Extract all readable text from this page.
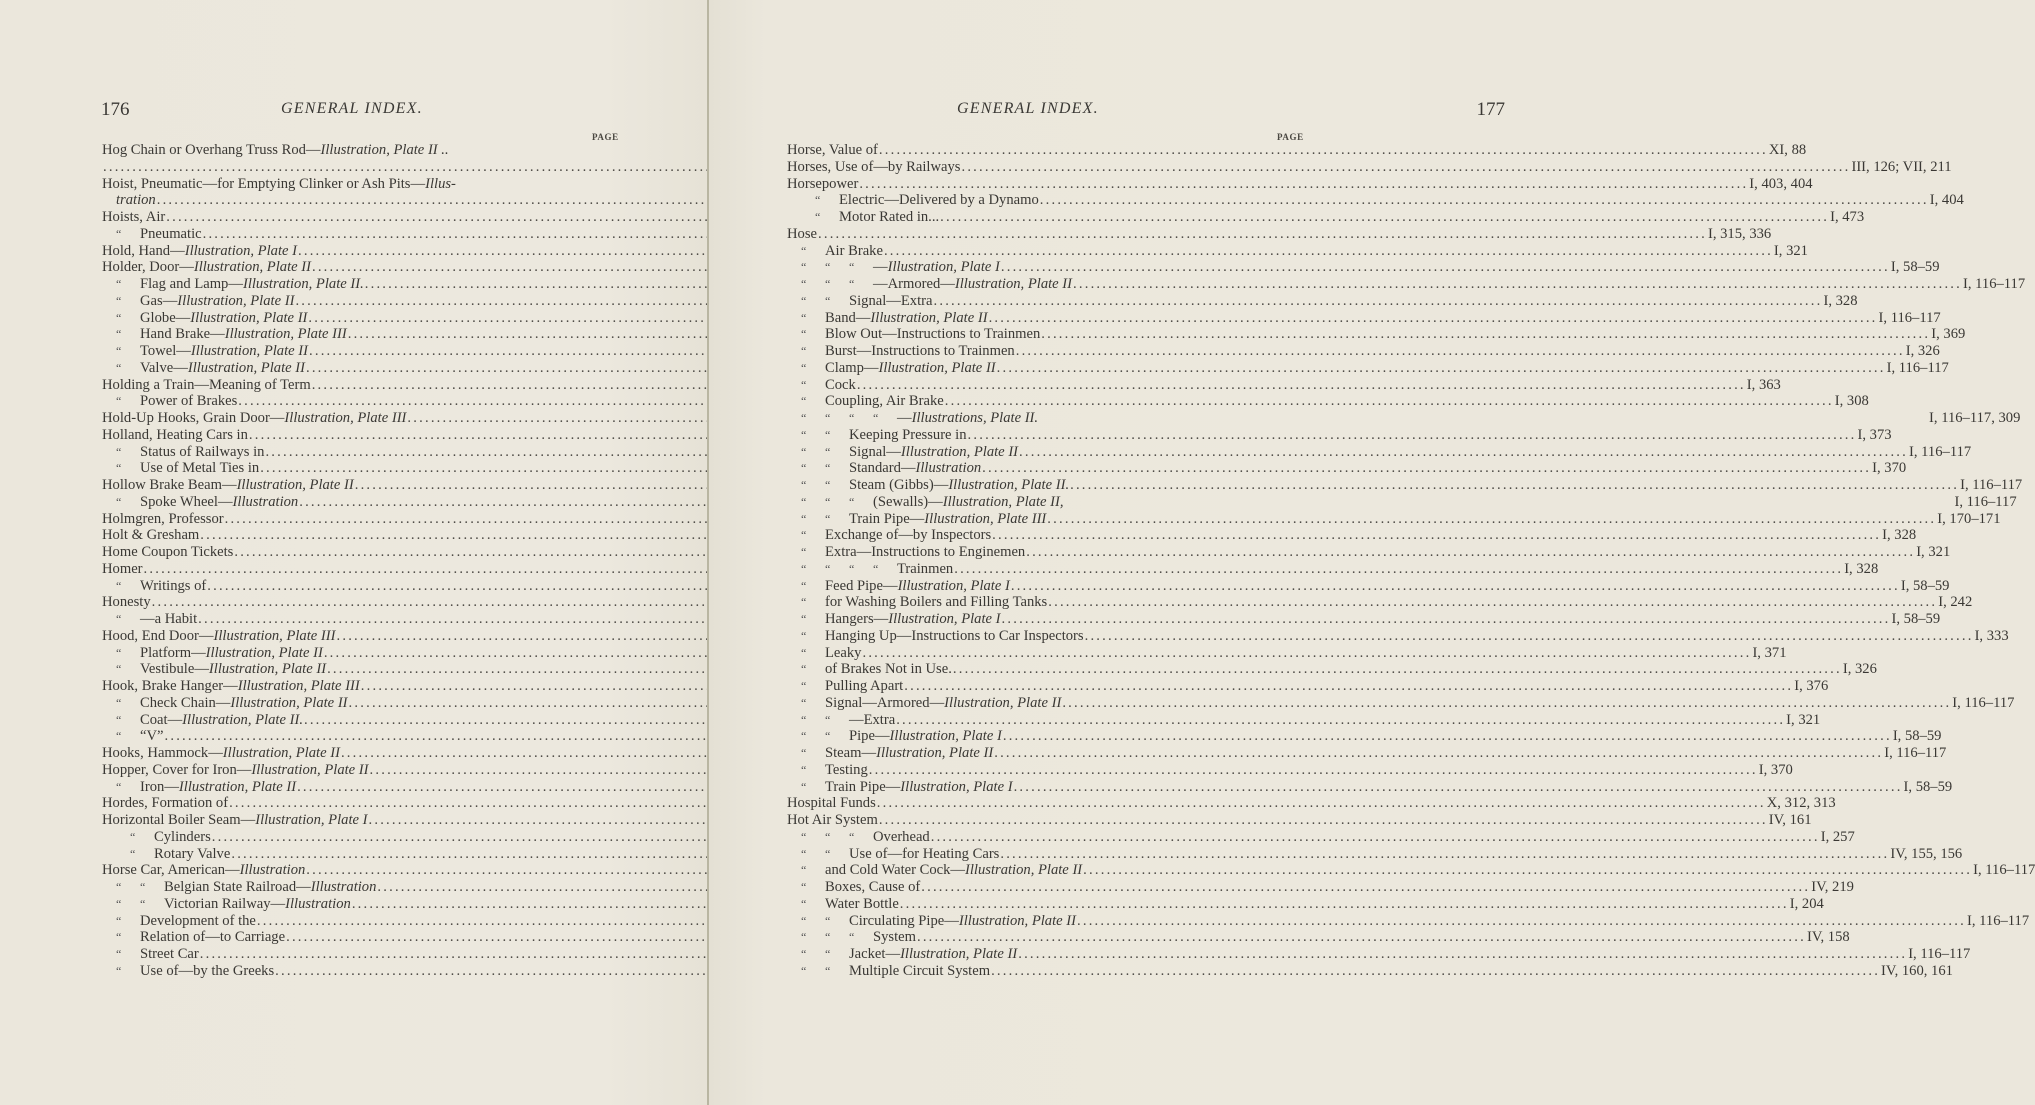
176	GENERAL INDEX.
Hog Chain or Overhang Truss Rod—Illustration, Plate II ..
.....
Hoist, Pneumatic—for Emptying Clinker or Ash Pits—Illus-
tration
.....
Hoists, Air
.....
“ Pneumatic
.....
Hold, Hand—Illustration, Plate I
.....
Holder, Door—Illustration, Plate II
.....
“ Flag and Lamp—Illustration, Plate II.
.....
“ Gas—Illustration, Plate II
.....
“ Globe—Illustration, Plate II
.....
“ Hand Brake—Illustration, Plate III
.....
“ Towel—Illustration, Plate II
.....
“ Valve—Illustration, Plate II
.....
Holding a Train—Meaning of Term
.....
“ Power of Brakes
.....
Hold-Up Hooks, Grain Door—Illustration, Plate III
.....
Holland, Heating Cars in
.....
“ Status of Railways in
.....
“ Use of Metal Ties in
.....
Hollow Brake Beam—Illustration, Plate II
.....
“ Spoke Wheel—Illustration
.....
Holmgren, Professor
.....
Holt & Gresham
.....
Home Coupon Tickets
.....
Homer
.....
“ Writings of
.....
Honesty
.....
“ —a Habit
.....
Hood, End Door—Illustration, Plate III
.....
“ Platform—Illustration, Plate II
.....
“ Vestibule—Illustration, Plate II
.....
Hook, Brake Hanger—Illustration, Plate III
.....
“ Check Chain—Illustration, Plate II
.....
“ Coat—Illustration, Plate II.
.....
“ “V”
.....
Hooks, Hammock—Illustration, Plate II
.....
Hopper, Cover for Iron—Illustration, Plate II
.....
“ Iron—Illustration, Plate II
.....
Hordes, Formation of
.....
Horizontal Boiler Seam—Illustration, Plate I
.....
“ Cylinders
.....
“ Rotary Valve
.....
Horse Car, American—Illustration
.....
“ “ Belgian State Railroad—Illustration
.....
“ “ Victorian Railway—Illustration
.....
“ Development of the
.....
“ Relation of—to Carriage
.....
“ Street Car
.....
“ Use of—by the Greeks
.....
PAGE
GENERAL INDEX.	177
Horse, Value of .....	XI, 88
Horses, Use of—by Railways .....	III, 126; VII, 211
Horsepower .....	I, 403, 404
“ Electric—Delivered by a Dynamo .....	I, 404
“ Motor Rated in... .....	I, 473
Hose .....	I, 315, 336
“ Air Brake .....	I, 321
“ “ “ —Illustration, Plate I .....	I, 58–59
“ “ “ —Armored—Illustration, Plate II .....	I, 116–117
“ “ Signal—Extra .....	I, 328
“ Band—Illustration, Plate II .....	I, 116–117
“ Blow Out—Instructions to Trainmen .....	I, 369
“ Burst—Instructions to Trainmen .....	I, 326
“ Clamp—Illustration, Plate II .....	I, 116–117
“ Cock .....	I, 363
“ Coupling, Air Brake .....	I, 308
“ “ “ “ —Illustrations, Plate II.	I, 116–117, 309
“ “ Keeping Pressure in .....	I, 373
“ “ Signal—Illustration, Plate II .....	I, 116–117
“ “ Standard—Illustration .....	I, 370
“ “ Steam (Gibbs)—Illustration, Plate II. .....	I, 116–117
“ “ “ (Sewalls)—Illustration, Plate II,	I, 116–117
“ “ Train Pipe—Illustration, Plate III .....	I, 170–171
“ Exchange of—by Inspectors .....	I, 328
“ Extra—Instructions to Enginemen .....	I, 321
“ “ “ “ Trainmen .....	I, 328
“ Feed Pipe—Illustration, Plate I .....	I, 58–59
“ for Washing Boilers and Filling Tanks .....	I, 242
“ Hangers—Illustration, Plate I .....	I, 58–59
“ Hanging Up—Instructions to Car Inspectors .....	I, 333
“ Leaky .....	I, 371
“ of Brakes Not in Use. .....	I, 326
“ Pulling Apart .....	I, 376
“ Signal—Armored—Illustration, Plate II .....	I, 116–117
“ “ —Extra .....	I, 321
“ “ Pipe—Illustration, Plate I .....	I, 58–59
“ Steam—Illustration, Plate II .....	I, 116–117
“ Testing .....	I, 370
“ Train Pipe—Illustration, Plate I .....	I, 58–59
Hospital Funds .....	X, 312, 313
Hot Air System .....	IV, 161
“ “ “ Overhead .....	I, 257
“ “ Use of—for Heating Cars .....	IV, 155, 156
“ and Cold Water Cock—Illustration, Plate II .....	I, 116–117
“ Boxes, Cause of .....	IV, 219
“ Water Bottle .....	I, 204
“ “ Circulating Pipe—Illustration, Plate II .....	I, 116–117
“ “ “ System .....	IV, 158
“ “ Jacket—Illustration, Plate II .....	I, 116–117
“ “ Multiple Circuit System .....	IV, 160, 161
PAGE
